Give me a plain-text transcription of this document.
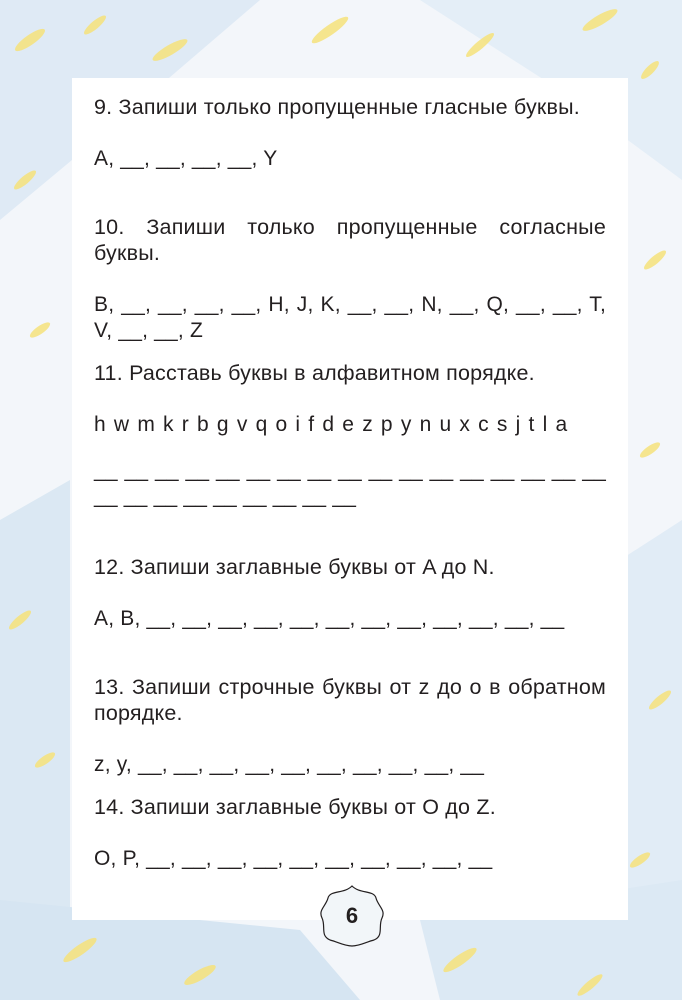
9. Запиши только пропущенные гласные буквы.

A, __, __, __, __, Y

10. Запиши только пропущенные согласные буквы.

B, __, __, __, __, H, J, K, __, __, N, __, Q, __, __, T, V, __, __, Z

11. Расставь буквы в алфавитном порядке.

h w m k r b g v q o i f d e z p y n u x c s j t l a

__ __ __ __ __ __ __ __ __ __ __ __ __ __ __ __ __ __ __ __ __ __ __ __ __ __

12. Запиши заглавные буквы от A до N.

A, B, __, __, __, __, __, __, __, __, __, __, __, __

13. Запиши строчные буквы от z до o в обратном порядке.

z, y, __, __, __, __, __, __, __, __, __, __

14. Запиши заглавные буквы от O до Z.

O, P, __, __, __, __, __, __, __, __, __, __

6
